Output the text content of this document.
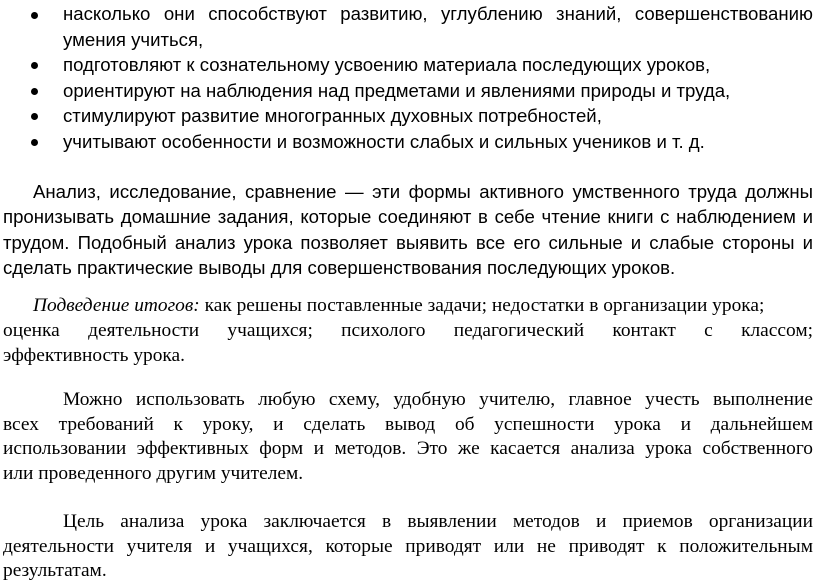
насколько они способствуют развитию, углублению знаний, совершенствованию
умения учиться,
подготовляют к сознательному усвоению материала последующих уроков,
ориентируют на наблюдения над предметами и явлениями природы и труда,
стимулируют развитие многогранных духовных потребностей,
учитывают особенности и возможности слабых и сильных учеников и т. д.
Анализ, исследование, сравнение — эти формы активного умственного труда должны
пронизывать домашние задания, которые соединяют в себе чтение книги с наблюдением и
трудом. Подобный анализ урока позволяет выявить все его сильные и слабые стороны и
сделать практические выводы для совершенствования последующих уроков.
Подведение итогов: как решены поставленные задачи; недостатки в организации урока;
оценка деятельности учащихся; психолого педагогический контакт с классом;
эффективность урока.
Можно использовать любую схему, удобную учителю, главное учесть выполнение
всех требований к уроку, и сделать вывод об успешности урока и дальнейшем
использовании эффективных форм и методов. Это же касается анализа урока собственного
или проведенного другим учителем.
Цель анализа урока заключается в выявлении методов и приемов организации
деятельности учителя и учащихся, которые приводят или не приводят к положительным
результатам.
